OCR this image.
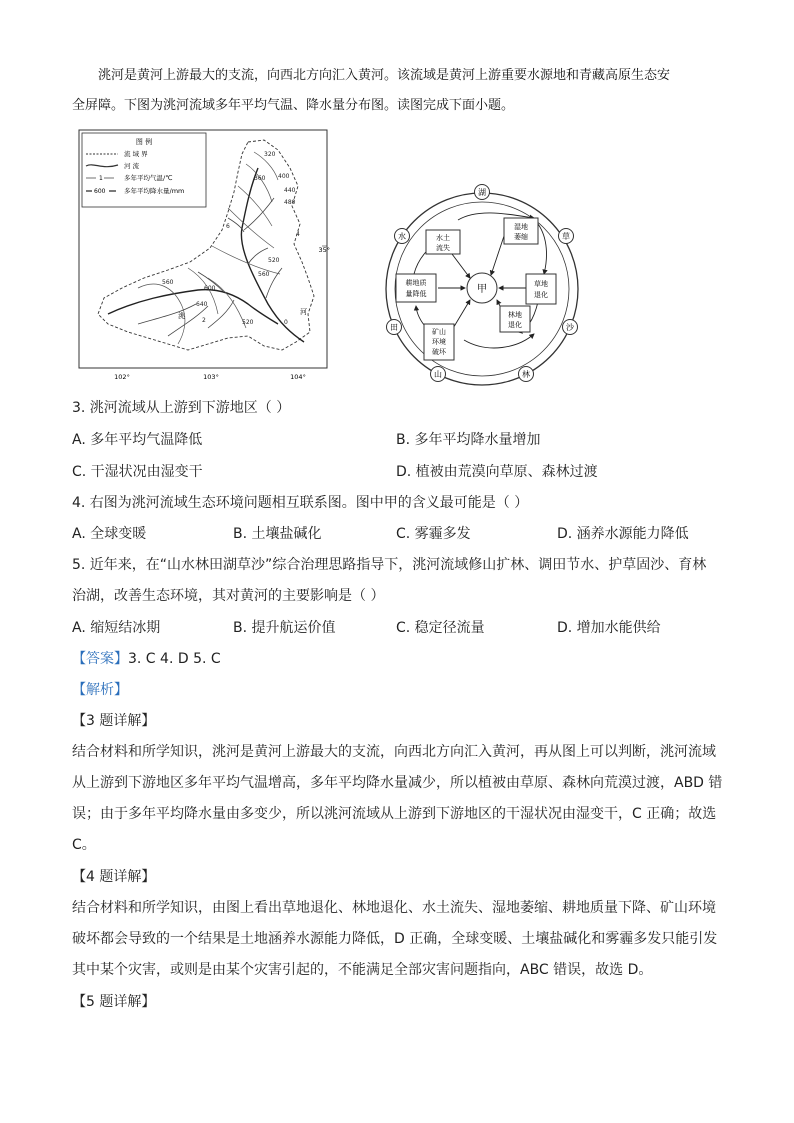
洮河是黄河上游最大的支流，向西北方向汇入黄河。该流域是黄河上游重要水源地和青藏高原生态安
全屏障。下图为洮河流域多年平均气温、降水量分布图。读图完成下面小题。
图 例
流 域 界
河 流
1	多年平均气温/℃
600	多年平均降水量/mm
320
360 400
440
480
520
560
600
640
520
560
6
4
2	0
洮	河
35°
102°	103°	104°
湖
草
沙
林
山
田
水	水土
流失
湿地
萎缩
草地
退化
林地
退化
矿山
环境
破坏
耕地质
量降低	甲
3. 洮河流域从上游到下游地区（ ）
A. 多年平均气温降低	B. 多年平均降水量增加
C. 干湿状况由湿变干	D. 植被由荒漠向草原、森林过渡
4. 右图为洮河流域生态环境问题相互联系图。图中甲的含义最可能是（ ）
A. 全球变暖	B. 土壤盐碱化	C. 雾霾多发	D. 涵养水源能力降低
5. 近年来，在“山水林田湖草沙”综合治理思路指导下，洮河流域修山扩林、调田节水、护草固沙、育林
治湖，改善生态环境，其对黄河的主要影响是（ ）
A. 缩短结冰期	B. 提升航运价值	C. 稳定径流量	D. 增加水能供给
【答案】3. C 4. D 5. C
【解析】
【3 题详解】
结合材料和所学知识，洮河是黄河上游最大的支流，向西北方向汇入黄河，再从图上可以判断，洮河流域
从上游到下游地区多年平均气温增高，多年平均降水量减少，所以植被由草原、森林向荒漠过渡，ABD 错
误；由于多年平均降水量由多变少，所以洮河流域从上游到下游地区的干湿状况由湿变干，C 正确；故选
C。
【4 题详解】
结合材料和所学知识，由图上看出草地退化、林地退化、水土流失、湿地萎缩、耕地质量下降、矿山环境
破坏都会导致的一个结果是土地涵养水源能力降低，D 正确，全球变暖、土壤盐碱化和雾霾多发只能引发
其中某个灾害，或则是由某个灾害引起的，不能满足全部灾害问题指向，ABC 错误，故选 D。
【5 题详解】
